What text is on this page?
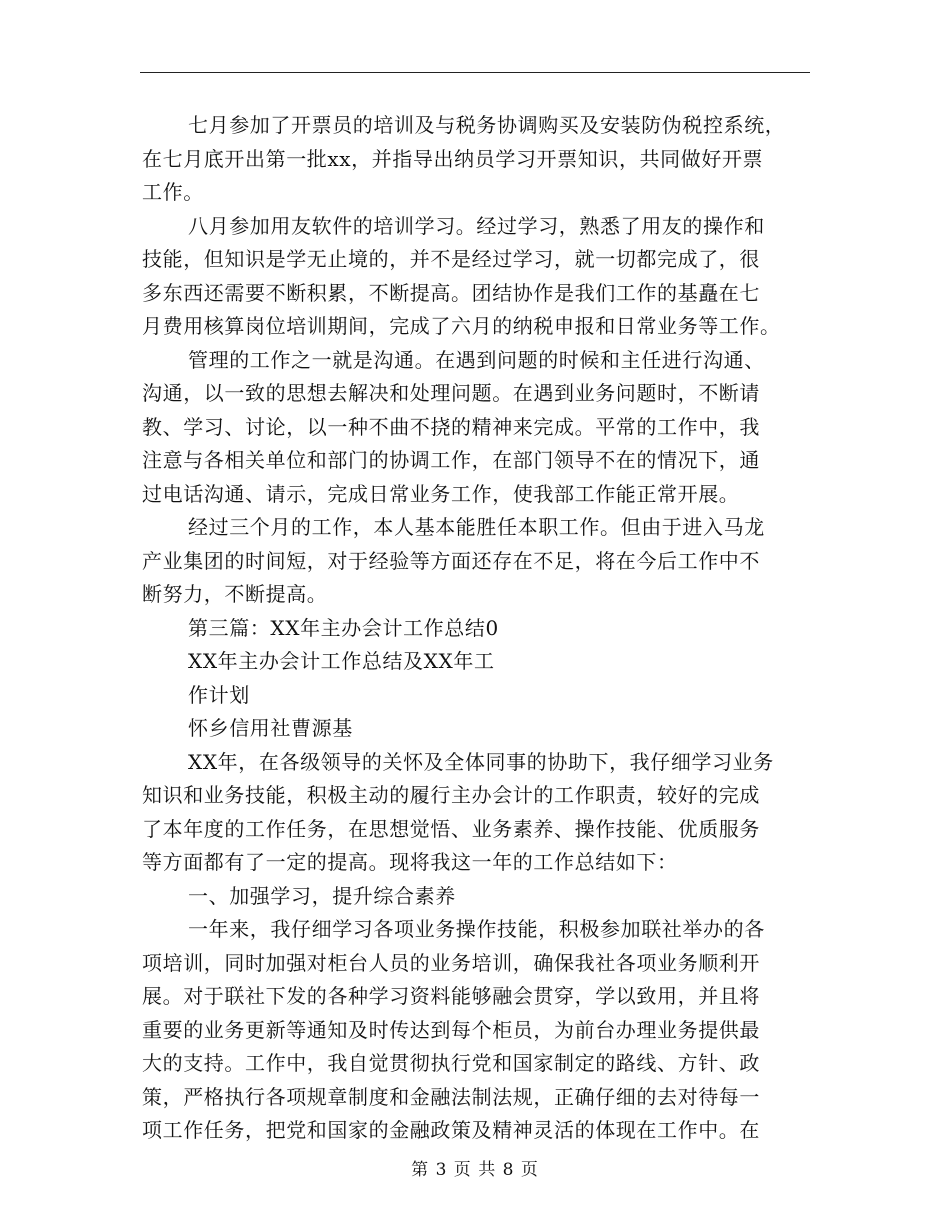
七月参加了开票员的培训及与税务协调购买及安装防伪税控系统，
在七月底开出第一批xx，并指导出纳员学习开票知识，共同做好开票
工作。
八月参加用友软件的培训学习。经过学习，熟悉了用友的操作和
技能，但知识是学无止境的，并不是经过学习，就一切都完成了，很
多东西还需要不断积累，不断提高。团结协作是我们工作的基矗在七
月费用核算岗位培训期间，完成了六月的纳税申报和日常业务等工作。
管理的工作之一就是沟通。在遇到问题的时候和主任进行沟通、
沟通，以一致的思想去解决和处理问题。在遇到业务问题时，不断请
教、学习、讨论，以一种不曲不挠的精神来完成。平常的工作中，我
注意与各相关单位和部门的协调工作，在部门领导不在的情况下，通
过电话沟通、请示，完成日常业务工作，使我部工作能正常开展。
经过三个月的工作，本人基本能胜任本职工作。但由于进入马龙
产业集团的时间短，对于经验等方面还存在不足，将在今后工作中不
断努力，不断提高。
第三篇：XX年主办会计工作总结0
XX年主办会计工作总结及XX年工
作计划
怀乡信用社曹源基
XX年，在各级领导的关怀及全体同事的协助下，我仔细学习业务
知识和业务技能，积极主动的履行主办会计的工作职责，较好的完成
了本年度的工作任务，在思想觉悟、业务素养、操作技能、优质服务
等方面都有了一定的提高。现将我这一年的工作总结如下：
一、加强学习，提升综合素养
一年来，我仔细学习各项业务操作技能，积极参加联社举办的各
项培训，同时加强对柜台人员的业务培训，确保我社各项业务顺利开
展。对于联社下发的各种学习资料能够融会贯穿，学以致用，并且将
重要的业务更新等通知及时传达到每个柜员，为前台办理业务提供最
大的支持。工作中，我自觉贯彻执行党和国家制定的路线、方针、政
策，严格执行各项规章制度和金融法制法规，正确仔细的去对待每一
项工作任务，把党和国家的金融政策及精神灵活的体现在工作中。在
第 3 页 共 8 页
